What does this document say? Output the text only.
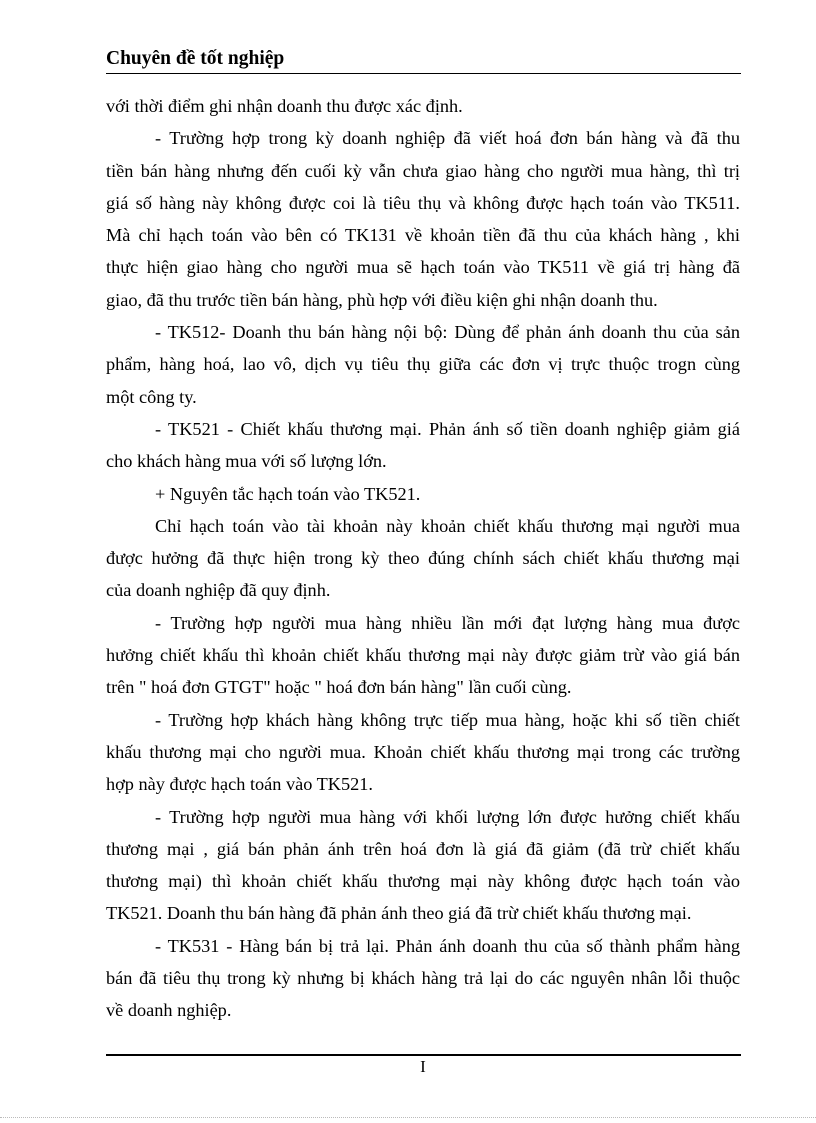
Chuyên đề tốt nghiệp
với thời điểm ghi nhận doanh thu được xác định.
- Trường hợp trong kỳ doanh nghiệp đã viết hoá đơn bán hàng và đã thu
tiền bán hàng nhưng đến cuối kỳ vẫn chưa giao hàng cho người mua hàng, thì trị
giá số hàng này không được coi là tiêu thụ và không được hạch toán vào TK511.
Mà chỉ hạch toán vào bên có TK131 về khoản tiền đã thu của khách hàng , khi
thực hiện giao hàng cho người mua sẽ hạch toán vào TK511 về giá trị hàng đã
giao, đã thu trước tiền bán hàng, phù hợp với điều kiện ghi nhận doanh thu.
- TK512- Doanh thu bán hàng nội bộ: Dùng để phản ánh doanh thu của sản
phẩm, hàng hoá, lao vô, dịch vụ tiêu thụ giữa các đơn vị trực thuộc trogn cùng
một công ty.
- TK521 - Chiết khấu thương mại. Phản ánh số tiền doanh nghiệp giảm giá
cho khách hàng mua với số lượng lớn.
+ Nguyên tắc hạch toán vào TK521.
Chỉ hạch toán vào tài khoản này khoản chiết khấu thương mại người mua
được hưởng đã thực hiện trong kỳ theo đúng chính sách chiết khấu thương mại
của doanh nghiệp đã quy định.
- Trường hợp người mua hàng nhiều lần mới đạt lượng hàng mua được
hưởng chiết khấu thì khoản chiết khấu thương mại này được giảm trừ vào giá bán
trên " hoá đơn GTGT" hoặc " hoá đơn bán hàng" lần cuối cùng.
- Trường hợp khách hàng không trực tiếp mua hàng, hoặc khi số tiền chiết
khấu thương mại cho người mua. Khoản chiết khấu thương mại trong các trường
hợp này được hạch toán vào TK521.
- Trường hợp người mua hàng với khối lượng lớn được hưởng chiết khấu
thương mại , giá bán phản ánh trên hoá đơn là giá đã giảm (đã trừ chiết khấu
thương mại) thì khoản chiết khấu thương mại này không được hạch toán vào
TK521. Doanh thu bán hàng đã phản ánh theo giá đã trừ chiết khấu thương mại.
- TK531 - Hàng bán bị trả lại. Phản ánh doanh thu của số thành phẩm hàng
bán đã tiêu thụ trong kỳ nhưng bị khách hàng trả lại do các nguyên nhân lỗi thuộc
về doanh nghiệp.
I
